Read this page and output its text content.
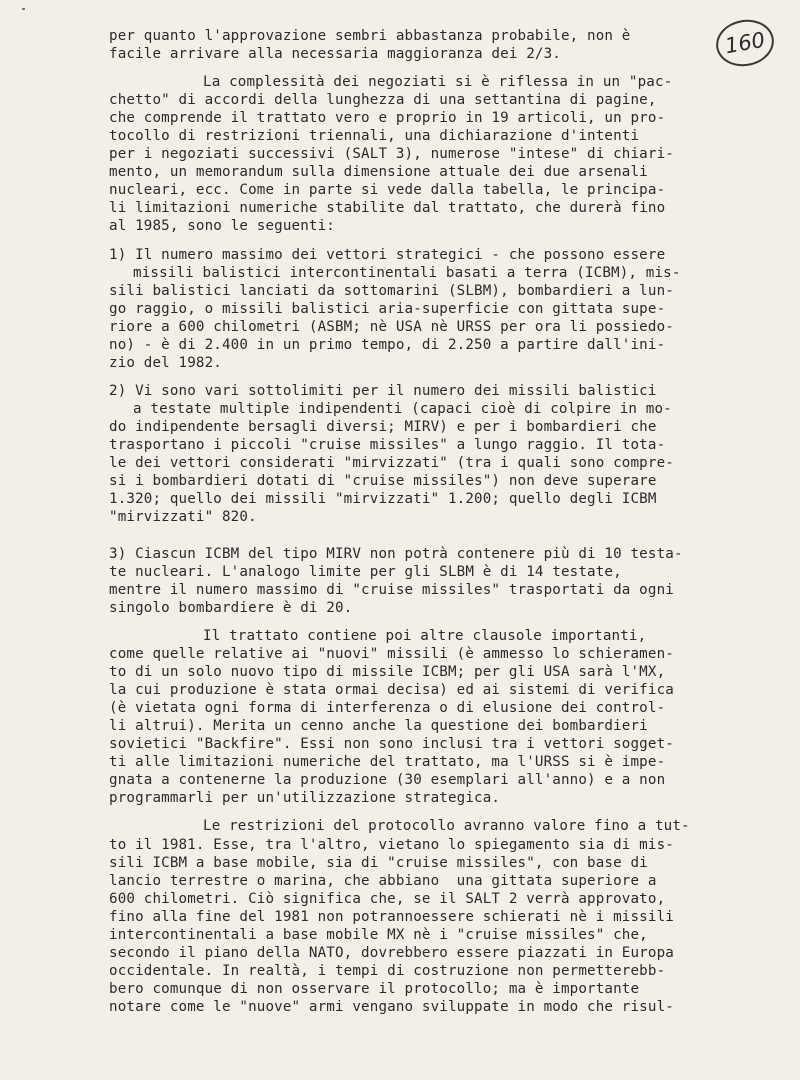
160
per quanto l'approvazione sembri abbastanza probabile, non è
facile arrivare alla necessaria maggioranza dei 2/3.
La complessità dei negoziati si è riflessa in un "pac-
chetto" di accordi della lunghezza di una settantina di pagine,
che comprende il trattato vero e proprio in 19 articoli, un pro-
tocollo di restrizioni triennali, una dichiarazione d'intenti
per i negoziati successivi (SALT 3), numerose "intese" di chiari-
mento, un memorandum sulla dimensione attuale dei due arsenali
nucleari, ecc. Come in parte si vede dalla tabella, le principa-
li limitazioni numeriche stabilite dal trattato, che durerà fino
al 1985, sono le seguenti:
1) Il numero massimo dei vettori strategici - che possono essere
missili balistici intercontinentali basati a terra (ICBM), mis-
sili balistici lanciati da sottomarini (SLBM), bombardieri a lun-
go raggio, o missili balistici aria-superficie con gittata supe-
riore a 600 chilometri (ASBM; nè USA nè URSS per ora li possiedo-
no) - è di 2.400 in un primo tempo, di 2.250 a partire dall'ini-
zio del 1982.
2) Vi sono vari sottolimiti per il numero dei missili balistici
a testate multiple indipendenti (capaci cioè di colpire in mo-
do indipendente bersagli diversi; MIRV) e per i bombardieri che
trasportano i piccoli "cruise missiles" a lungo raggio. Il tota-
le dei vettori considerati "mirvizzati" (tra i quali sono compre-
si i bombardieri dotati di "cruise missiles") non deve superare
1.320; quello dei missili "mirvizzati" 1.200; quello degli ICBM
"mirvizzati" 820.
3) Ciascun ICBM del tipo MIRV non potrà contenere più di 10 testa-
te nucleari. L'analogo limite per gli SLBM è di 14 testate,
mentre il numero massimo di "cruise missiles" trasportati da ogni
singolo bombardiere è di 20.
Il trattato contiene poi altre clausole importanti,
come quelle relative ai "nuovi" missili (è ammesso lo schieramen-
to di un solo nuovo tipo di missile ICBM; per gli USA sarà l'MX,
la cui produzione è stata ormai decisa) ed ai sistemi di verifica
(è vietata ogni forma di interferenza o di elusione dei control-
li altrui). Merita un cenno anche la questione dei bombardieri
sovietici "Backfire". Essi non sono inclusi tra i vettori sogget-
ti alle limitazioni numeriche del trattato, ma l'URSS si è impe-
gnata a contenerne la produzione (30 esemplari all'anno) e a non
programmarli per un'utilizzazione strategica.
Le restrizioni del protocollo avranno valore fino a tut-
to il 1981. Esse, tra l'altro, vietano lo spiegamento sia di mis-
sili ICBM a base mobile, sia di "cruise missiles", con base di
lancio terrestre o marina, che abbiano  una gittata superiore a
600 chilometri. Ciò significa che, se il SALT 2 verrà approvato,
fino alla fine del 1981 non potrannoessere schierati nè i missili
intercontinentali a base mobile MX nè i "cruise missiles" che,
secondo il piano della NATO, dovrebbero essere piazzati in Europa
occidentale. In realtà, i tempi di costruzione non permetterebb-
bero comunque di non osservare il protocollo; ma è importante
notare come le "nuove" armi vengano sviluppate in modo che risul-
